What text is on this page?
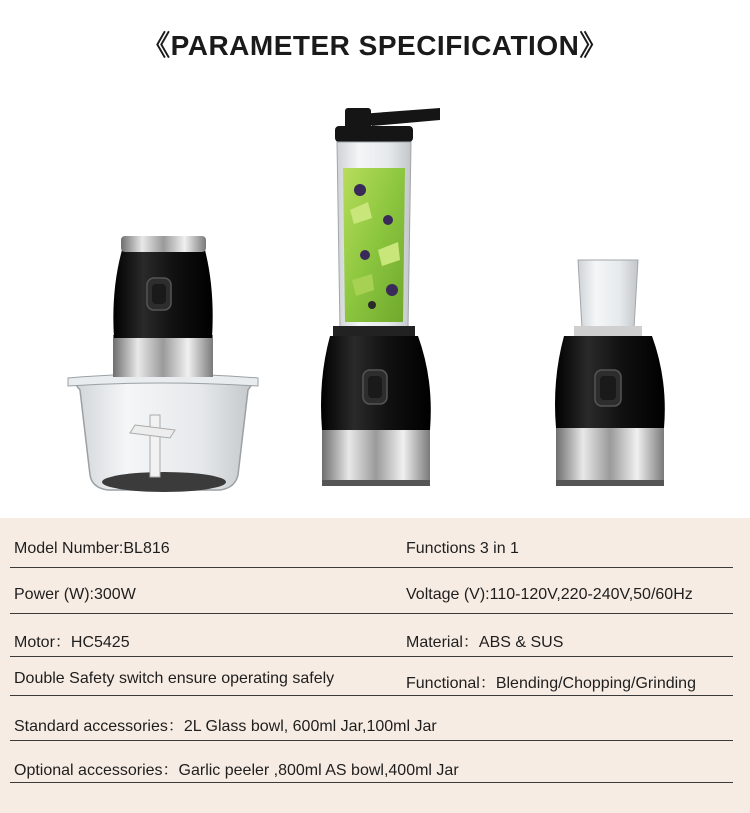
《PARAMETER SPECIFICATION》
Model Number:BL816	Functions 3 in 1
Power (W):300W	Voltage (V):110-120V,220-240V,50/60Hz
Motor：HC5425	Material：ABS & SUS
Double Safety switch ensure operating safely	Functional：Blending/Chopping/Grinding
Standard accessories：2L Glass bowl, 600ml Jar,100ml Jar
Optional accessories：Garlic peeler ,800ml AS bowl,400ml Jar
